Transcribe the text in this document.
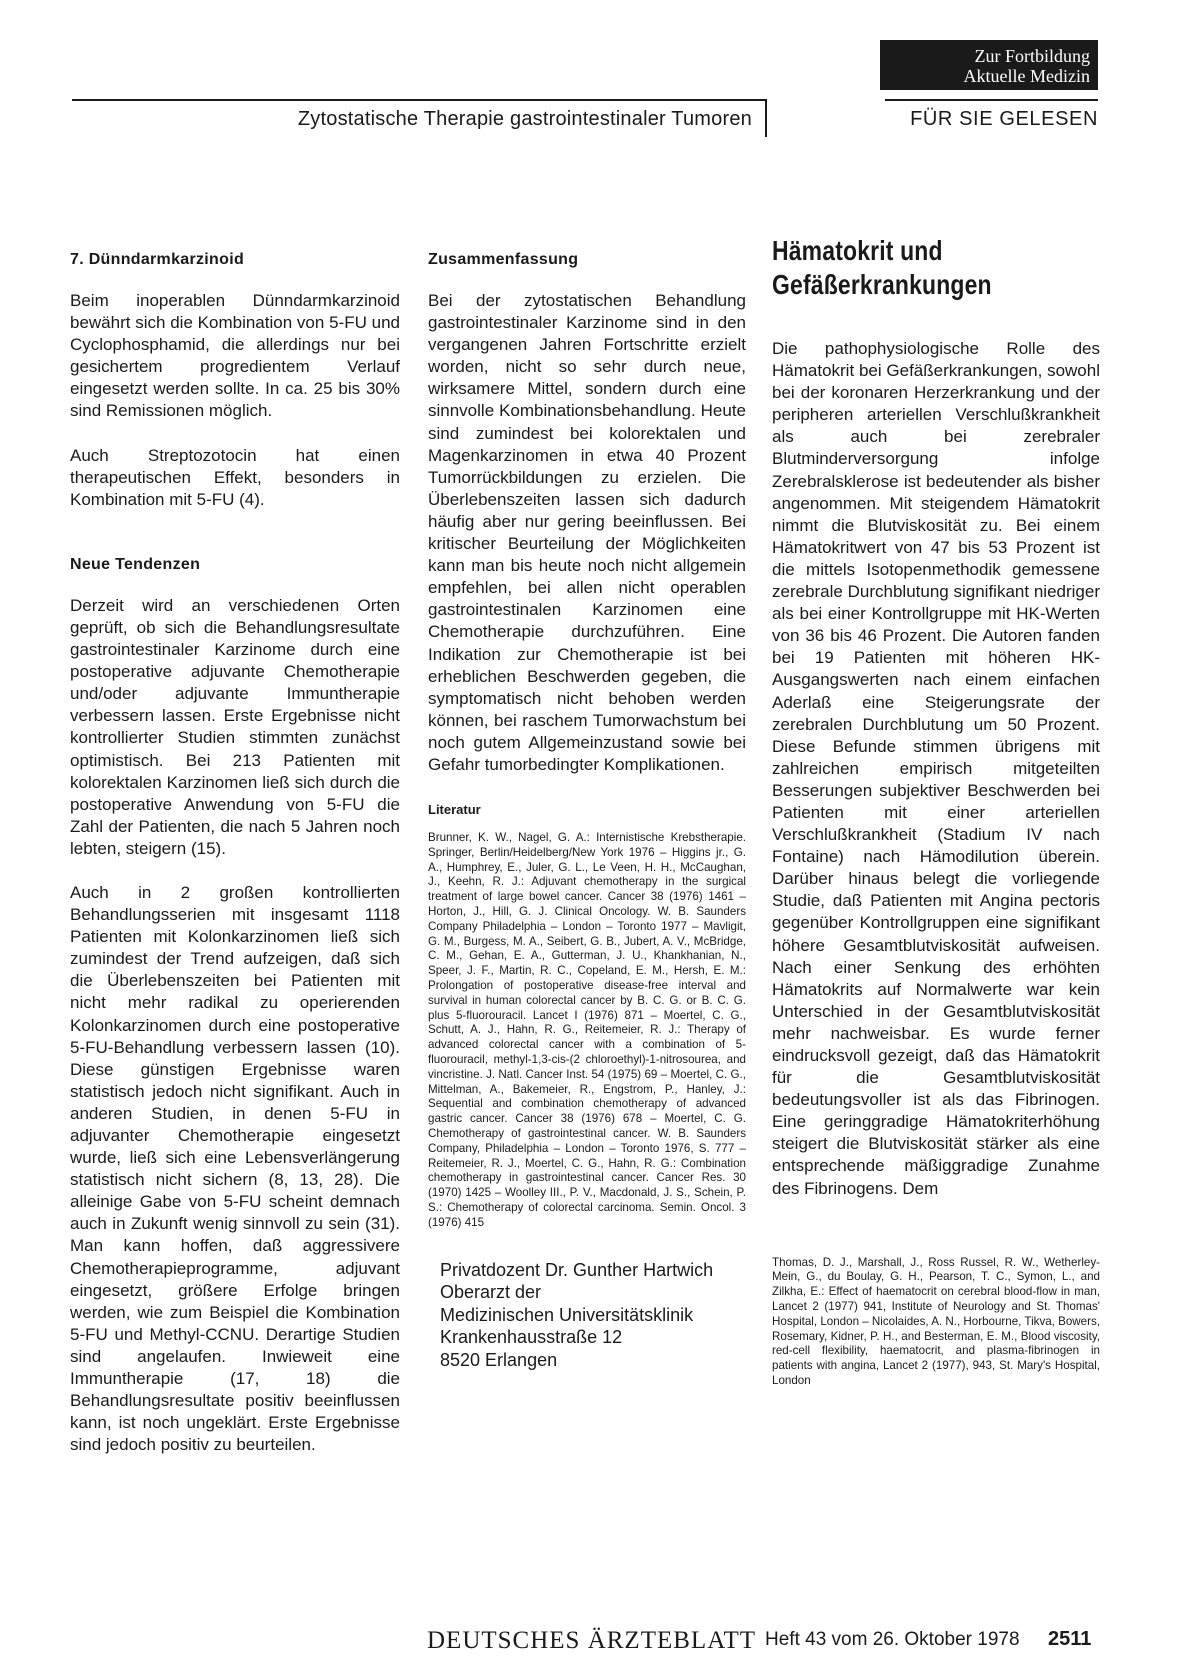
Zur Fortbildung
Aktuelle Medizin
Zytostatische Therapie gastrointestinaler Tumoren	FÜR SIE GELESEN
7. Dünndarmkarzinoid

Beim inoperablen Dünndarmkarzinoid bewährt sich die Kombination von 5-FU und Cyclophosphamid, die allerdings nur bei gesichertem progredientem Verlauf eingesetzt werden sollte. In ca. 25 bis 30% sind Remissionen möglich.

Auch Streptozotocin hat einen therapeutischen Effekt, besonders in Kombination mit 5-FU (4).

Neue Tendenzen

Derzeit wird an verschiedenen Orten geprüft, ob sich die Behandlungsresultate gastrointestinaler Karzinome durch eine postoperative adjuvante Chemotherapie und/oder adjuvante Immuntherapie verbessern lassen. Erste Ergebnisse nicht kontrollierter Studien stimmten zunächst optimistisch. Bei 213 Patienten mit kolorektalen Karzinomen ließ sich durch die postoperative Anwendung von 5-FU die Zahl der Patienten, die nach 5 Jahren noch lebten, steigern (15).

Auch in 2 großen kontrollierten Behandlungsserien mit insgesamt 1118 Patienten mit Kolonkarzinomen ließ sich zumindest der Trend aufzeigen, daß sich die Überlebenszeiten bei Patienten mit nicht mehr radikal zu operierenden Kolonkarzinomen durch eine postoperative 5-FU-Behandlung verbessern lassen (10). Diese günstigen Ergebnisse waren statistisch jedoch nicht signifikant. Auch in anderen Studien, in denen 5-FU in adjuvanter Chemotherapie eingesetzt wurde, ließ sich eine Lebensverlängerung statistisch nicht sichern (8, 13, 28). Die alleinige Gabe von 5-FU scheint demnach auch in Zukunft wenig sinnvoll zu sein (31). Man kann hoffen, daß aggressivere Chemotherapieprogramme, adjuvant eingesetzt, größere Erfolge bringen werden, wie zum Beispiel die Kombination 5-FU und Methyl-CCNU. Derartige Studien sind angelaufen. Inwieweit eine Immuntherapie (17, 18) die Behandlungsresultate positiv beeinflussen kann, ist noch ungeklärt. Erste Ergebnisse sind jedoch positiv zu beurteilen.

Zusammenfassung

Bei der zytostatischen Behandlung gastrointestinaler Karzinome sind in den vergangenen Jahren Fortschritte erzielt worden, nicht so sehr durch neue, wirksamere Mittel, sondern durch eine sinnvolle Kombinationsbehandlung. Heute sind zumindest bei kolorektalen und Magenkarzinomen in etwa 40 Prozent Tumorrückbildungen zu erzielen. Die Überlebenszeiten lassen sich dadurch häufig aber nur gering beeinflussen. Bei kritischer Beurteilung der Möglichkeiten kann man bis heute noch nicht allgemein empfehlen, bei allen nicht operablen gastrointestinalen Karzinomen eine Chemotherapie durchzuführen. Eine Indikation zur Chemotherapie ist bei erheblichen Beschwerden gegeben, die symptomatisch nicht behoben werden können, bei raschem Tumorwachstum bei noch gutem Allgemeinzustand sowie bei Gefahr tumorbedingter Komplikationen.

Literatur

Brunner, K. W., Nagel, G. A.: Internistische Krebstherapie. Springer, Berlin/Heidelberg/New York 1976 – Higgins jr., G. A., Humphrey, E., Juler, G. L., Le Veen, H. H., McCaughan, J., Keehn, R. J.: Adjuvant chemotherapy in the surgical treatment of large bowel cancer. Cancer 38 (1976) 1461 – Horton, J., Hill, G. J. Clinical Oncology. W. B. Saunders Company Philadelphia – London – Toronto 1977 – Mavligit, G. M., Burgess, M. A., Seibert, G. B., Jubert, A. V., McBridge, C. M., Gehan, E. A., Gutterman, J. U., Khankhanian, N., Speer, J. F., Martin, R. C., Copeland, E. M., Hersh, E. M.: Prolongation of postoperative disease-free interval and survival in human colorectal cancer by B. C. G. or B. C. G. plus 5-fluorouracil. Lancet I (1976) 871 – Moertel, C. G., Schutt, A. J., Hahn, R. G., Reitemeier, R. J.: Therapy of advanced colorectal cancer with a combination of 5-fluorouracil, methyl-1,3-cis-(2 chloroethyl)-1-nitrosourea, and vincristine. J. Natl. Cancer Inst. 54 (1975) 69 – Moertel, C. G., Mittelman, A., Bakemeier, R., Engstrom, P., Hanley, J.: Sequential and combination chemotherapy of advanced gastric cancer. Cancer 38 (1976) 678 – Moertel, C. G. Chemotherapy of gastrointestinal cancer. W. B. Saunders Company, Philadelphia – London – Toronto 1976, S. 777 – Reitemeier, R. J., Moertel, C. G., Hahn, R. G.: Combination chemotherapy in gastrointestinal cancer. Cancer Res. 30 (1970) 1425 – Woolley III., P. V., Macdonald, J. S., Schein, P. S.: Chemotherapy of colorectal carcinoma. Semin. Oncol. 3 (1976) 415

Privatdozent Dr. Gunther Hartwich
Oberarzt der
Medizinischen Universitätsklinik
Krankenhausstraße 12
8520 Erlangen
Hämatokrit und
Gefäßerkrankungen

Die pathophysiologische Rolle des Hämatokrit bei Gefäßerkrankungen, sowohl bei der koronaren Herzerkrankung und der peripheren arteriellen Verschlußkrankheit als auch bei zerebraler Blutminderversorgung infolge Zerebralsklerose ist bedeutender als bisher angenommen. Mit steigendem Hämatokrit nimmt die Blutviskosität zu. Bei einem Hämatokritwert von 47 bis 53 Prozent ist die mittels Isotopenmethodik gemessene zerebrale Durchblutung signifikant niedriger als bei einer Kontrollgruppe mit HK-Werten von 36 bis 46 Prozent. Die Autoren fanden bei 19 Patienten mit höheren HK-Ausgangswerten nach einem einfachen Aderlaß eine Steigerungsrate der zerebralen Durchblutung um 50 Prozent. Diese Befunde stimmen übrigens mit zahlreichen empirisch mitgeteilten Besserungen subjektiver Beschwerden bei Patienten mit einer arteriellen Verschlußkrankheit (Stadium IV nach Fontaine) nach Hämodilution überein. Darüber hinaus belegt die vorliegende Studie, daß Patienten mit Angina pectoris gegenüber Kontrollgruppen eine signifikant höhere Gesamtblutviskosität aufweisen. Nach einer Senkung des erhöhten Hämatokrits auf Normalwerte war kein Unterschied in der Gesamtblutviskosität mehr nachweisbar. Es wurde ferner eindrucksvoll gezeigt, daß das Hämatokrit für die Gesamtblutviskosität bedeutungsvoller ist als das Fibrinogen. Eine geringgradige Hämatokriterhöhung steigert die Blutviskosität stärker als eine entsprechende mäßiggradige Zunahme des Fibrinogens. Dem

Thomas, D. J., Marshall, J., Ross Russel, R. W., Wetherley-Mein, G., du Boulay, G. H., Pearson, T. C., Symon, L., and Zilkha, E.: Effect of haematocrit on cerebral blood-flow in man, Lancet 2 (1977) 941, Institute of Neurology and St. Thomas' Hospital, London – Nicolaides, A. N., Horbourne, Tikva, Bowers, Rosemary, Kidner, P. H., and Besterman, E. M., Blood viscosity, red-cell flexibility, haematocrit, and plasma-fibrinogen in patients with angina, Lancet 2 (1977), 943, St. Mary's Hospital, London

DEUTSCHES ÄRZTEBLATT Heft 43 vom 26. Oktober 1978 2511
